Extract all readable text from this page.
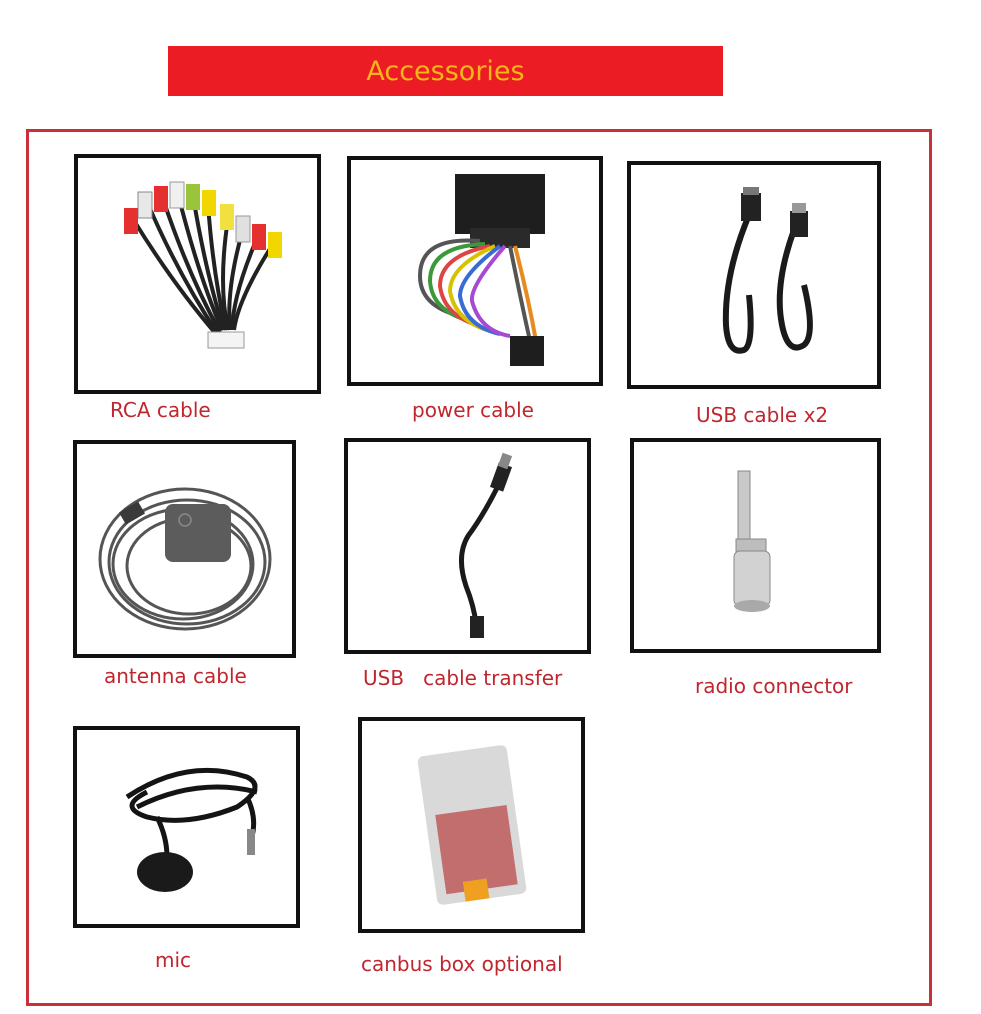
Accessories
RCA cable	power cable	USB cable x2
antenna cable	USB   cable transfer	radio connector
mic	canbus box optional
